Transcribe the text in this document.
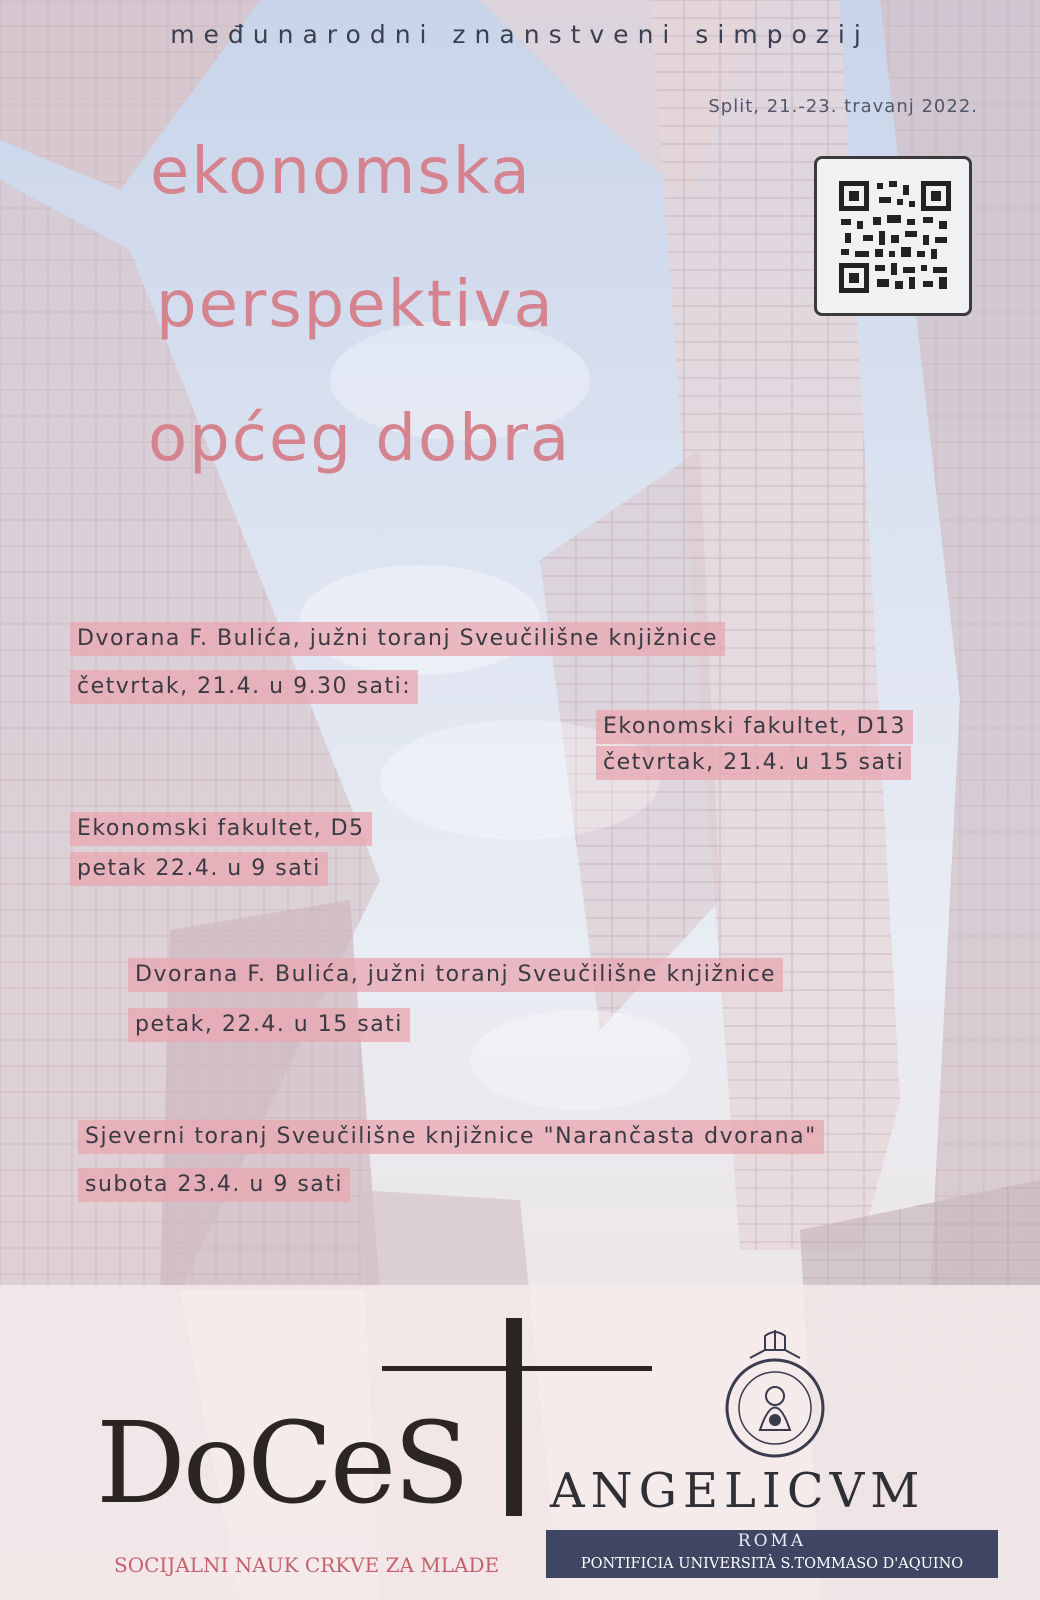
međunarodni znanstveni simpozij
Split, 21.-23. travanj 2022.
ekonomska
perspektiva
općeg dobra
Dvorana F. Bulića, južni toranj Sveučilišne knjižnice
četvrtak, 21.4. u 9.30 sati:
Ekonomski fakultet, D13
četvrtak, 21.4. u 15 sati
Ekonomski fakultet, D5
petak 22.4. u 9 sati
Dvorana F. Bulića, južni toranj Sveučilišne knjižnice
petak, 22.4. u 15 sati
Sjeverni toranj Sveučilišne knjižnice "Narančasta dvorana"
subota 23.4. u 9 sati
DoCeS
SOCIJALNI NAUK CRKVE ZA MLADE
ANGELICVM
ROMA
PONTIFICIA UNIVERSITÀ S.TOMMASO D'AQUINO
